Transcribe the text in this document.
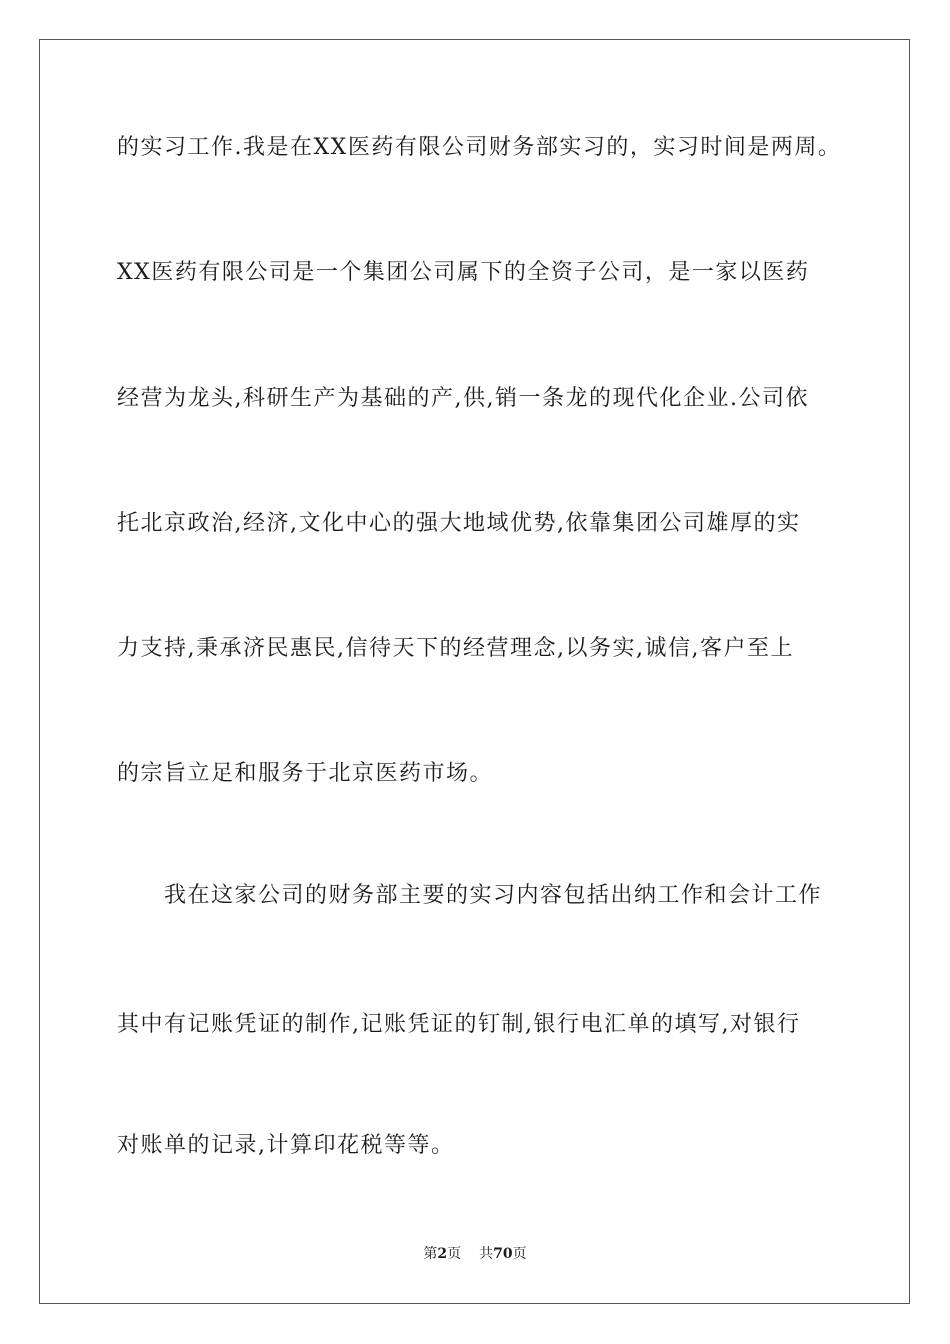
的实习工作.我是在XX医药有限公司财务部实习的，实习时间是两周。
XX医药有限公司是一个集团公司属下的全资子公司，是一家以医药
经营为龙头,科研生产为基础的产,供,销一条龙的现代化企业.公司依
托北京政治,经济,文化中心的强大地域优势,依靠集团公司雄厚的实
力支持,秉承济民惠民,信待天下的经营理念,以务实,诚信,客户至上
的宗旨立足和服务于北京医药市场。
　　我在这家公司的财务部主要的实习内容包括出纳工作和会计工作
其中有记账凭证的制作,记账凭证的钉制,银行电汇单的填写,对银行
对账单的记录,计算印花税等等。
第2页 共70页
